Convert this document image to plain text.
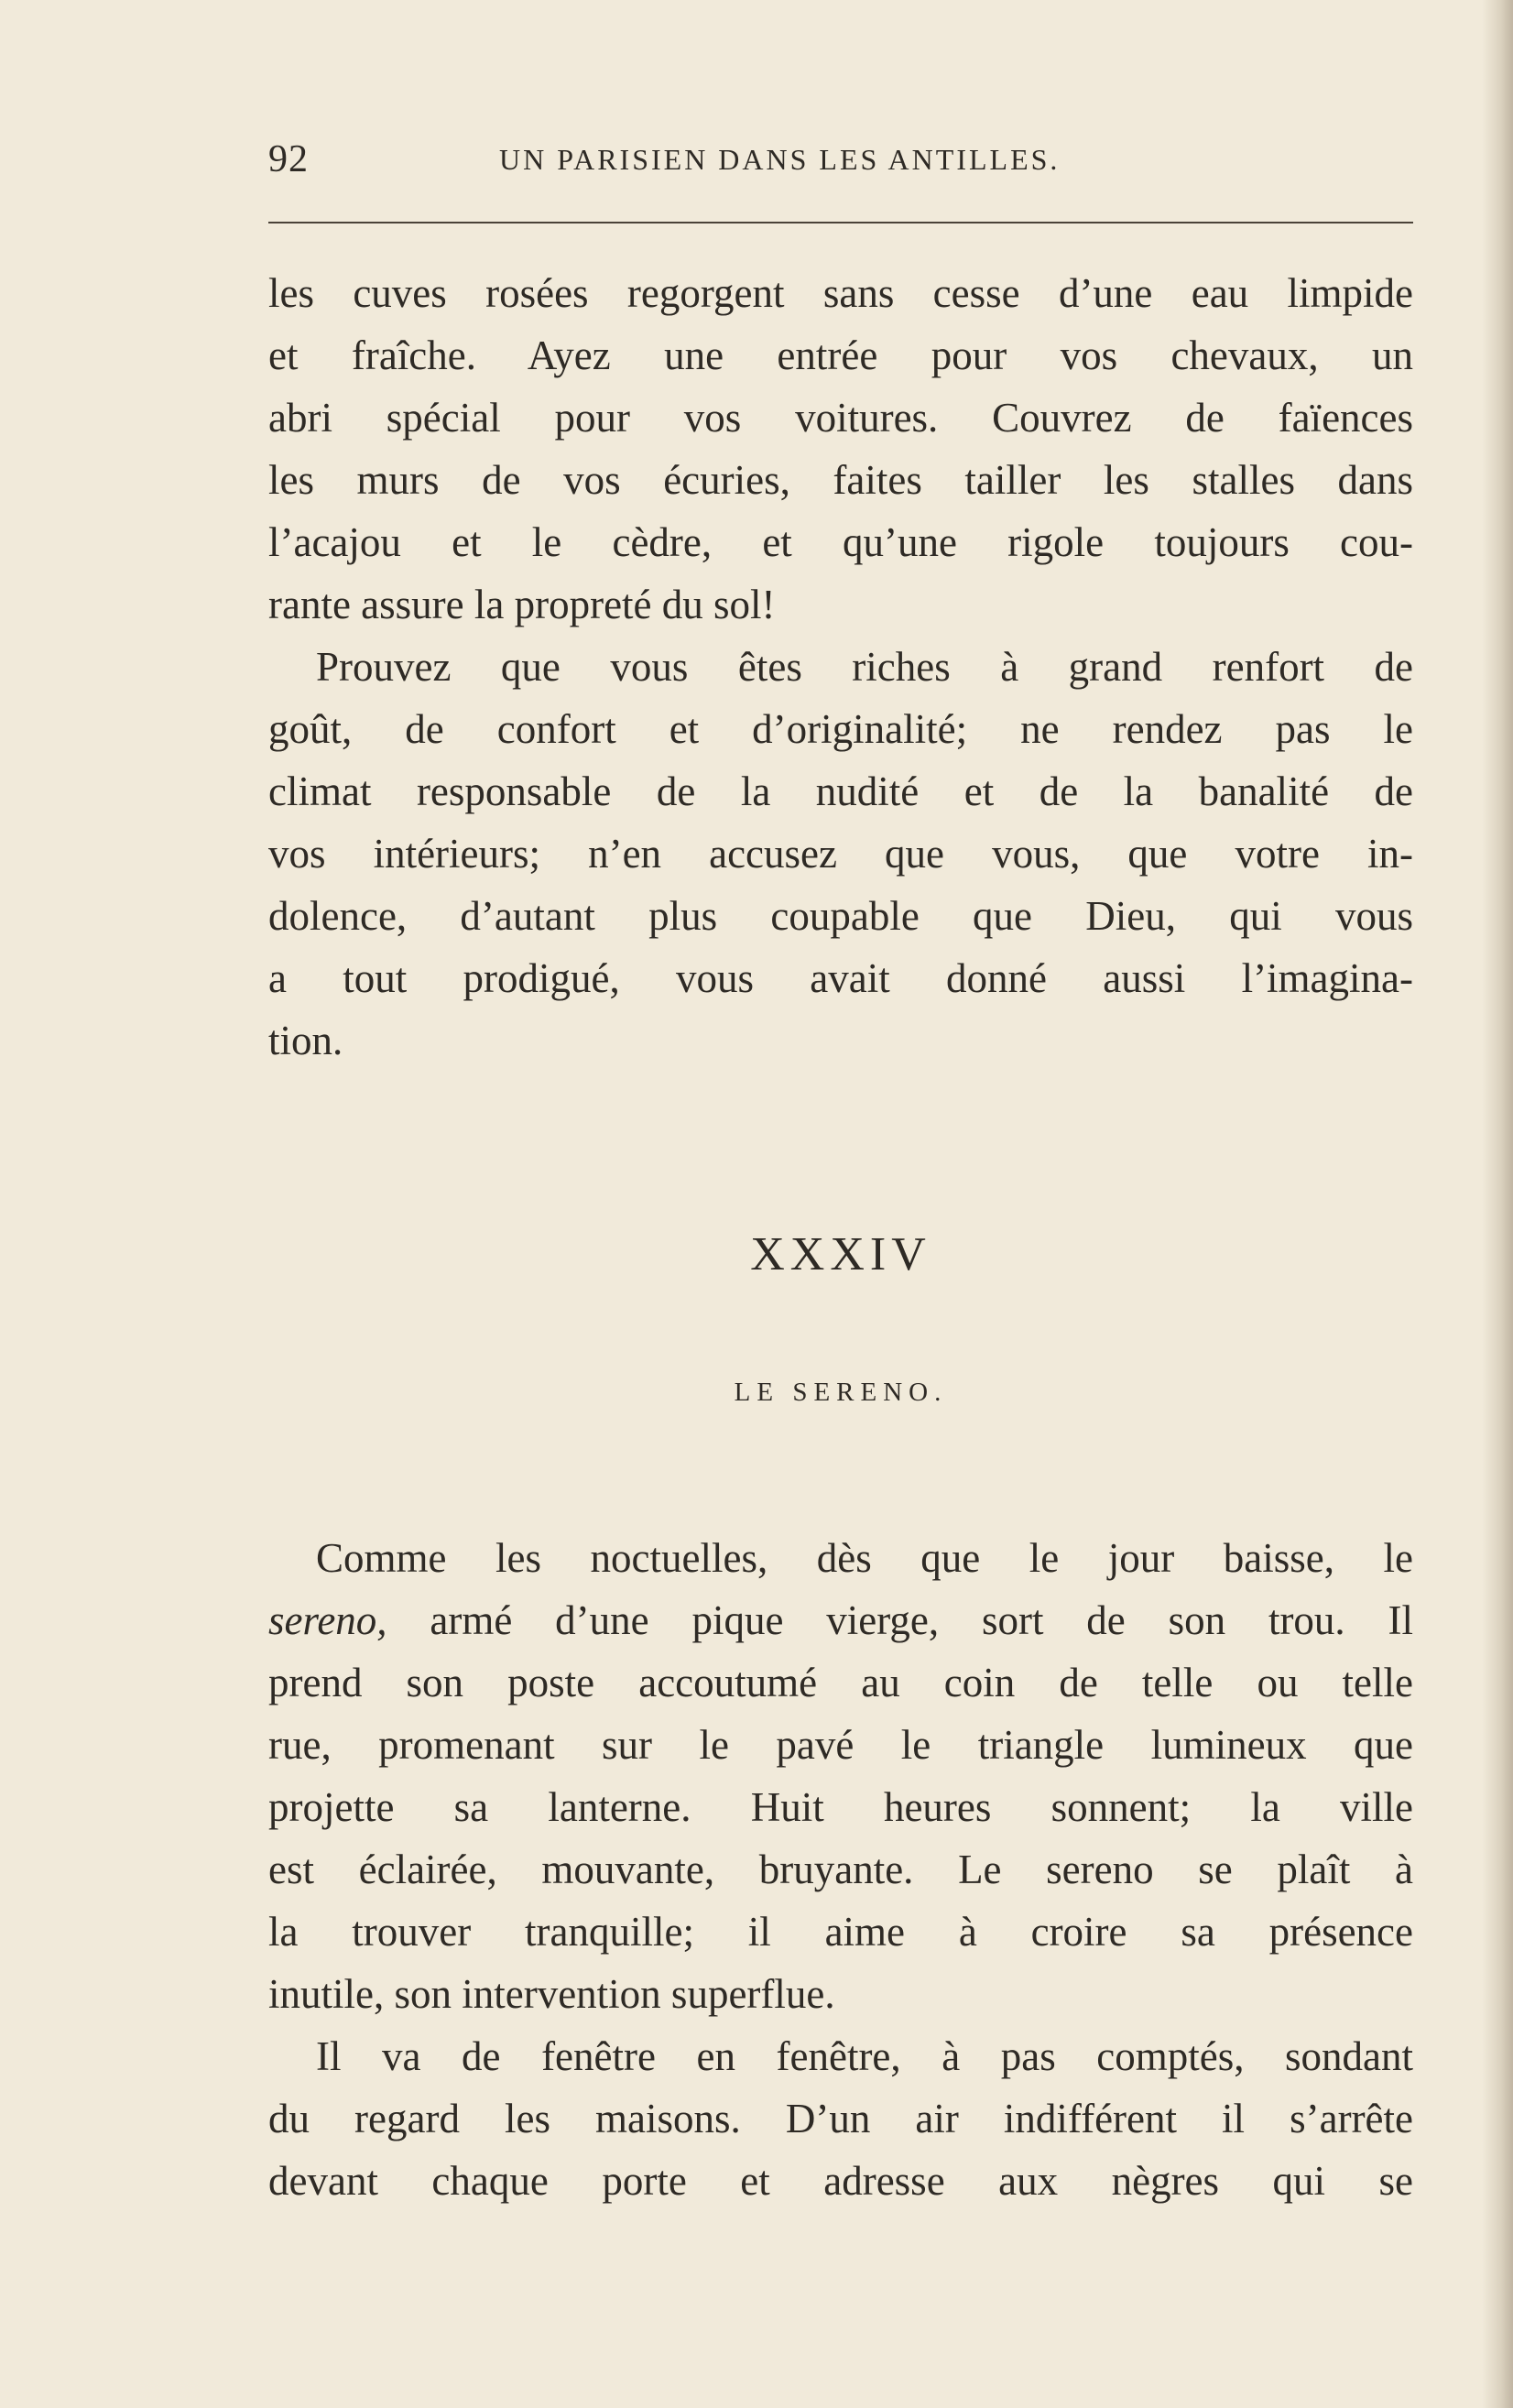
92	UN PARISIEN DANS LES ANTILLES.
les cuves rosées regorgent sans cesse d’une eau limpide
et fraîche. Ayez une entrée pour vos chevaux, un
abri spécial pour vos voitures. Couvrez de faïences
les murs de vos écuries, faites tailler les stalles dans
l’acajou et le cèdre, et qu’une rigole toujours cou-
rante assure la propreté du sol!
Prouvez que vous êtes riches à grand renfort de
goût, de confort et d’originalité; ne rendez pas le
climat responsable de la nudité et de la banalité de
vos intérieurs; n’en accusez que vous, que votre in-
dolence, d’autant plus coupable que Dieu, qui vous
a tout prodigué, vous avait donné aussi l’imagina-
tion.
XXXIV
LE SERENO.
Comme les noctuelles, dès que le jour baisse, le
sereno, armé d’une pique vierge, sort de son trou. Il
prend son poste accoutumé au coin de telle ou telle
rue, promenant sur le pavé le triangle lumineux que
projette sa lanterne. Huit heures sonnent; la ville
est éclairée, mouvante, bruyante. Le sereno se plaît à
la trouver tranquille; il aime à croire sa présence
inutile, son intervention superflue.
Il va de fenêtre en fenêtre, à pas comptés, sondant
du regard les maisons. D’un air indifférent il s’arrête
devant chaque porte et adresse aux nègres qui se
